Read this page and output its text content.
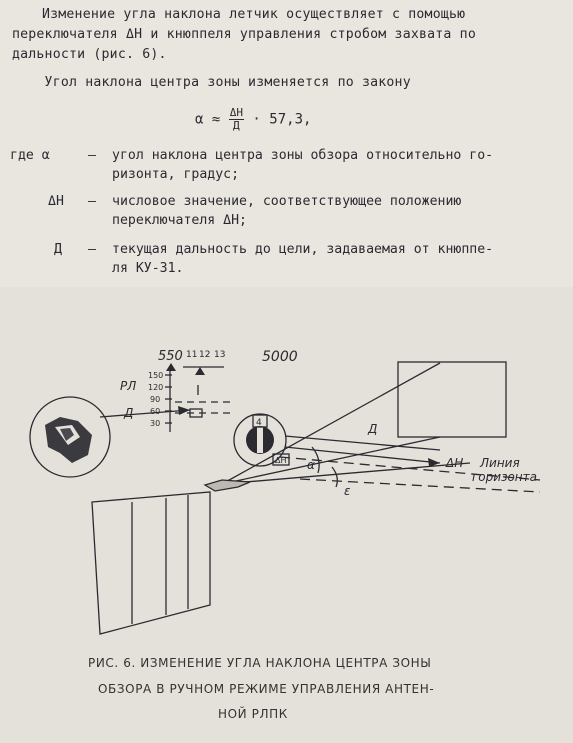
Изменение угла наклона летчик осуществляет с помощью
переключателя ΔН и кнюппеля управления стробом захвата по
дальности (рис. 6).
Угол наклона центра зоны изменяется по закону
$\alpha \approx \frac{\Delta Н}{Д} \cdot 57,3$,
где α	– угол наклона центра зоны обзора относительно го-
ризонта, градус;
ΔН – числовое значение, соответствующее положению
переключателя ΔН;
Д – текущая дальность до цели, задаваемая от кнюппе-
ля КУ-31.
550 11 12 13	5000
150
120
90
60
30
РЛ
Д
4
ΔН
Д
ΔН
α
ε
Линия
горизонта
РИС. 6. ИЗМЕНЕНИЕ УГЛА НАКЛОНА ЦЕНТРА ЗОНЫ
ОБЗОРА В РУЧНОМ РЕЖИМЕ УПРАВЛЕНИЯ АНТЕН-
НОЙ РЛПК
